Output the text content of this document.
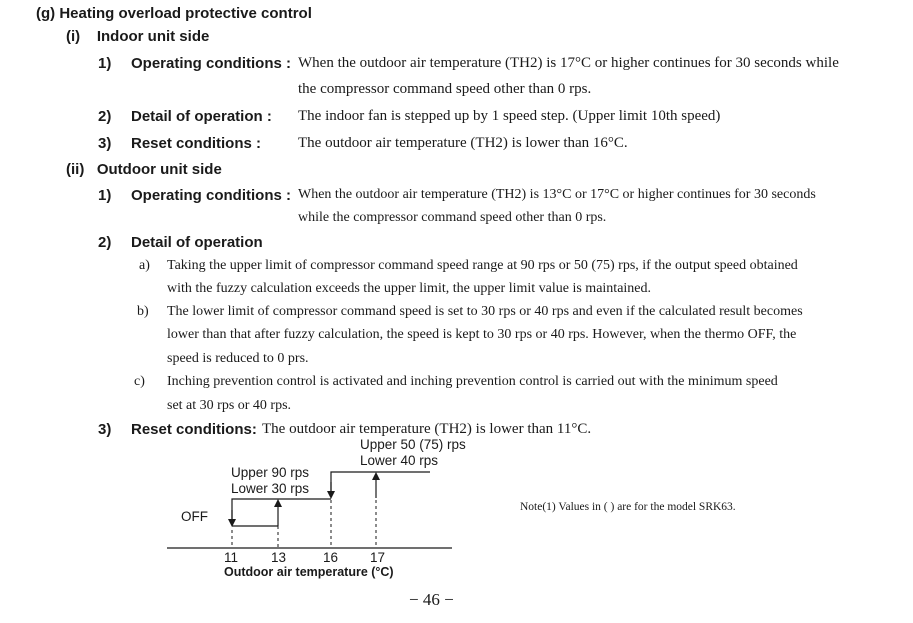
(g) Heating overload protective control
(i)    Indoor unit side
1) Operating conditions : When the outdoor air temperature (TH2) is 17°C or higher continues for 30 seconds while
the compressor command speed other than 0 rps.
2) Detail of operation : The indoor fan is stepped up by 1 speed step. (Upper limit 10th speed)
3) Reset conditions : The outdoor air temperature (TH2) is lower than 16°C.
(ii)   Outdoor unit side
1) Operating conditions : When the outdoor air temperature (TH2) is 13°C or 17°C or higher continues for 30 seconds
while the compressor command speed other than 0 rps.
2) Detail of operation
a) Taking the upper limit of compressor command speed range at 90 rps or 50 (75) rps, if the output speed obtained
with the fuzzy calculation exceeds the upper limit, the upper limit value is maintained.
b) The lower limit of compressor command speed is set to 30 rps or 40 rps and even if the calculated result becomes
lower than that after fuzzy calculation, the speed is kept to 30 rps or 40 rps. However, when the thermo OFF, the
speed is reduced to 0 prs.
c) Inching prevention control is activated and inching prevention control is carried out with the minimum speed
set at 30 rps or 40 rps.
3) Reset conditions: The outdoor air temperature (TH2) is lower than 11°C.
Upper 90 rps
Lower 30 rps
Upper 50 (75) rps
Lower 40 rps
OFF
11 13	16 17
Outdoor air temperature (°C)
Note(1) Values in ( ) are for the model SRK63.
− 46 −
